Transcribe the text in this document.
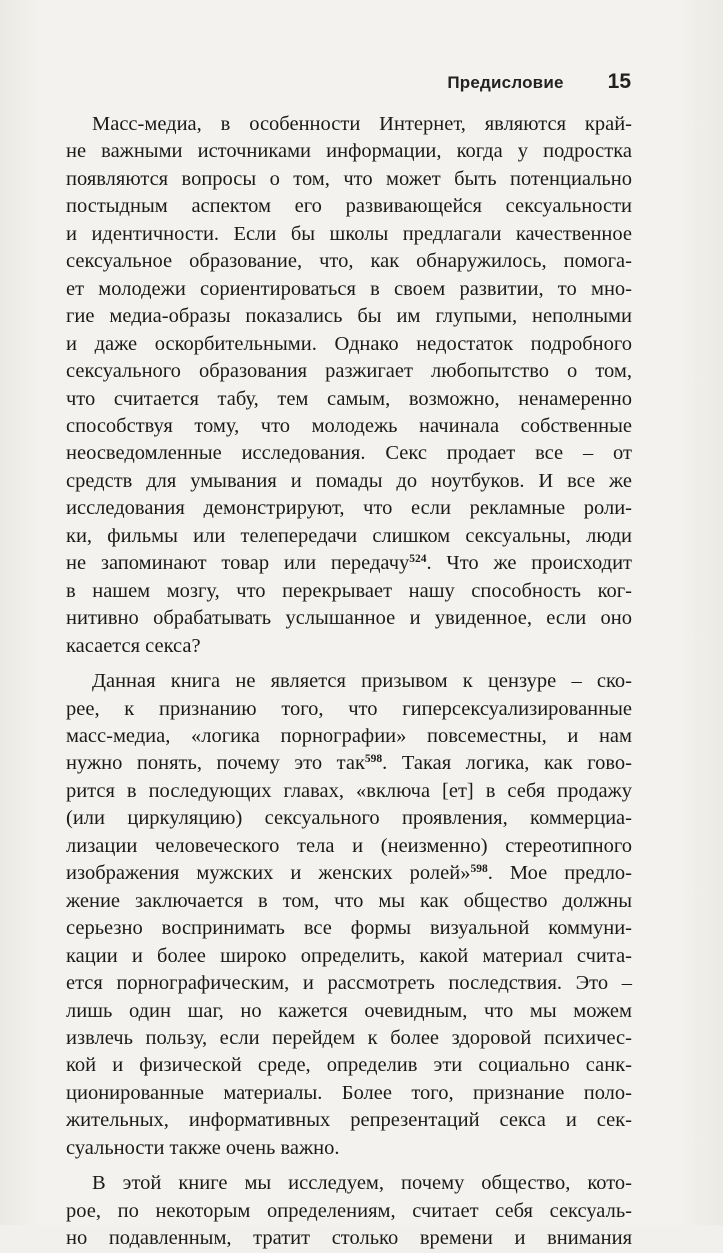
Предисловие 15
Масс-медиа, в особенности Интернет, являются край-
не важными источниками информации, когда у подростка
появляются вопросы о том, что может быть потенциально
постыдным аспектом его развивающейся сексуальности
и идентичности. Если бы школы предлагали качественное
сексуальное образование, что, как обнаружилось, помога-
ет молодежи сориентироваться в своем развитии, то мно-
гие медиа-образы показались бы им глупыми, неполными
и даже оскорбительными. Однако недостаток подробного
сексуального образования разжигает любопытство о том,
что считается табу, тем самым, возможно, ненамеренно
способствуя тому, что молодежь начинала собственные
неосведомленные исследования. Секс продает все – от
средств для умывания и помады до ноутбуков. И все же
исследования демонстрируют, что если рекламные роли-
ки, фильмы или телепередачи слишком сексуальны, люди
не запоминают товар или передачу$^{524}$. Что же происходит
в нашем мозгу, что перекрывает нашу способность ког-
нитивно обрабатывать услышанное и увиденное, если оно
касается секса?
Данная книга не является призывом к цензуре – ско-
рее, к признанию того, что гиперсексуализированные
масс-медиа, «логика порнографии» повсеместны, и нам
нужно понять, почему это так$^{598}$. Такая логика, как гово-
рится в последующих главах, «включа [ет] в себя продажу
(или циркуляцию) сексуального проявления, коммерциа-
лизации человеческого тела и (неизменно) стереотипного
изображения мужских и женских ролей»$^{598}$. Мое предло-
жение заключается в том, что мы как общество должны
серьезно воспринимать все формы визуальной коммуни-
кации и более широко определить, какой материал счита-
ется порнографическим, и рассмотреть последствия. Это –
лишь один шаг, но кажется очевидным, что мы можем
извлечь пользу, если перейдем к более здоровой психичес-
кой и физической среде, определив эти социально санк-
ционированные материалы. Более того, признание поло-
жительных, информативных репрезентаций секса и сек-
суальности также очень важно.
В этой книге мы исследуем, почему общество, кото-
рое, по некоторым определениям, считает себя сексуаль-
но подавленным, тратит столько времени и внимания
